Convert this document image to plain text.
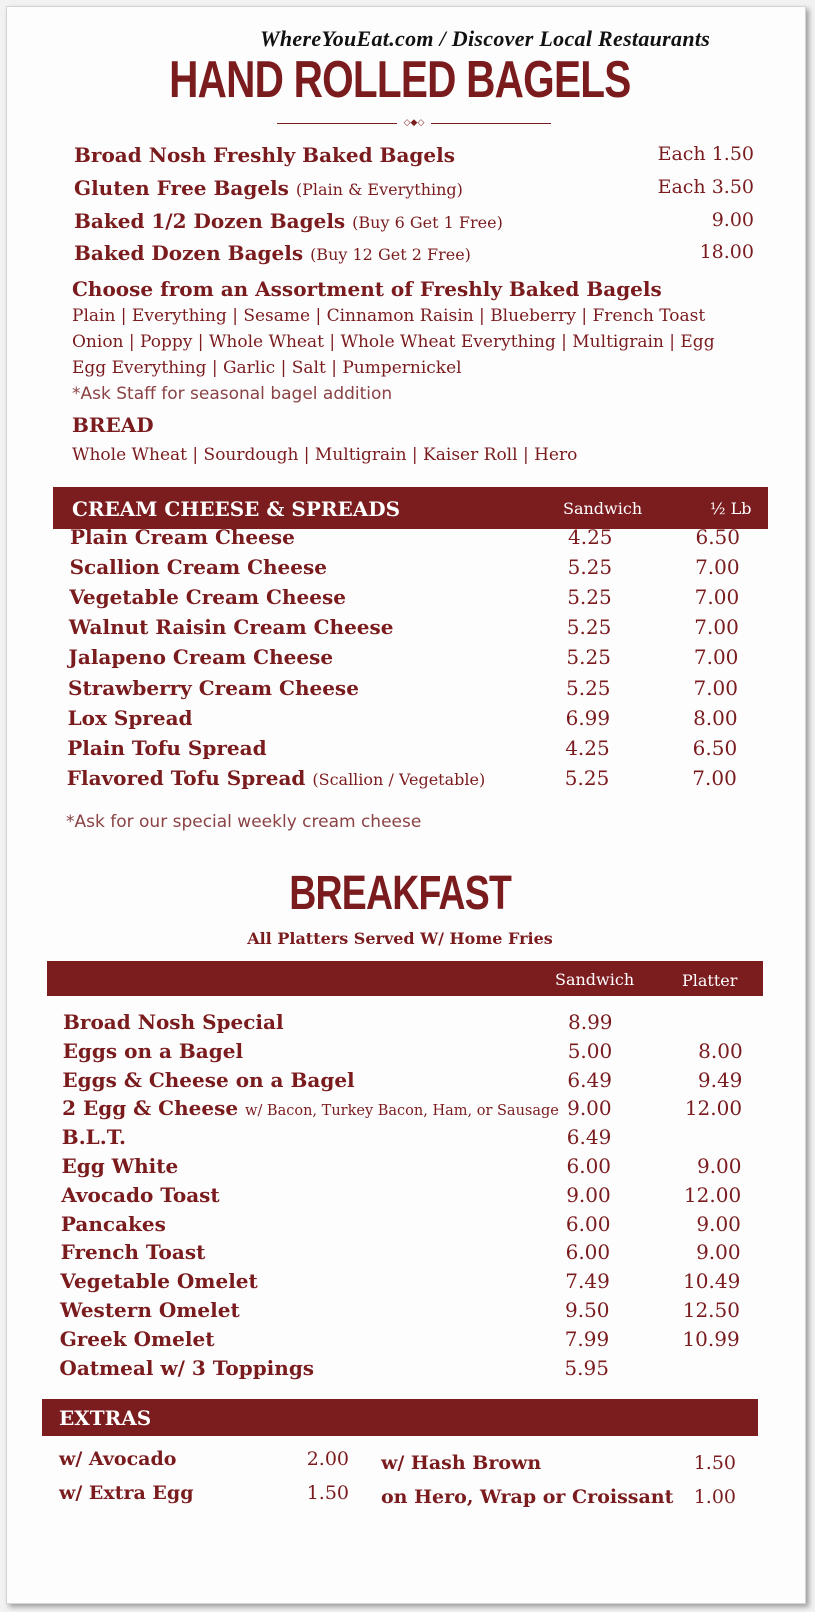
WhereYouEat.com / Discover Local Restaurants
HAND ROLLED BAGELS
◇◆◇
Broad Nosh Freshly Baked Bagels	Each 1.50
Gluten Free Bagels (Plain & Everything)	Each 3.50
Baked 1/2 Dozen Bagels (Buy 6 Get 1 Free)	9.00
Baked Dozen Bagels (Buy 12 Get 2 Free)	18.00
Choose from an Assortment of Freshly Baked Bagels
Plain | Everything | Sesame | Cinnamon Raisin | Blueberry | French Toast
Onion | Poppy | Whole Wheat | Whole Wheat Everything | Multigrain | Egg
Egg Everything | Garlic | Salt | Pumpernickel
*Ask Staff for seasonal bagel addition
BREAD
Whole Wheat | Sourdough | Multigrain | Kaiser Roll | Hero
CREAM CHEESE & SPREADS	Sandwich	½ Lb
Plain Cream Cheese	4.25	6.50
Scallion Cream Cheese	5.25	7.00
Vegetable Cream Cheese	5.25	7.00
Walnut Raisin Cream Cheese	5.25	7.00
Jalapeno Cream Cheese	5.25	7.00
Strawberry Cream Cheese	5.25	7.00
Lox Spread	6.99	8.00
Plain Tofu Spread	4.25	6.50
Flavored Tofu Spread (Scallion / Vegetable)	5.25	7.00
*Ask for our special weekly cream cheese
BREAKFAST
All Platters Served W/ Home Fries
Sandwich	Platter
Broad Nosh Special	8.99
Eggs on a Bagel	5.00	8.00
Eggs & Cheese on a Bagel	6.49	9.49
2 Egg & Cheese w/ Bacon, Turkey Bacon, Ham, or Sausage 9.00	12.00
B.L.T.	6.49
Egg White	6.00	9.00
Avocado Toast	9.00	12.00
Pancakes	6.00	9.00
French Toast	6.00	9.00
Vegetable Omelet	7.49	10.49
Western Omelet	9.50	12.50
Greek Omelet	7.99	10.99
Oatmeal w/ 3 Toppings	5.95
EXTRAS
w/ Avocado	2.00
w/ Extra Egg	1.50
w/ Hash Brown	1.50
on Hero, Wrap or Croissant 1.00
